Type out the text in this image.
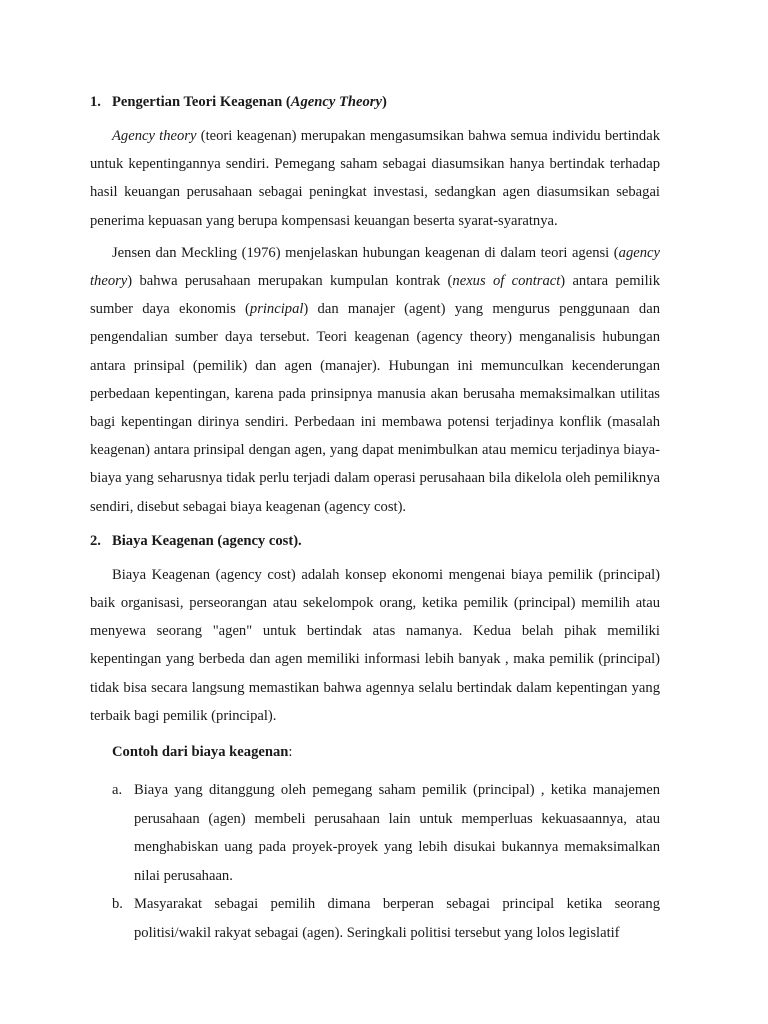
1. Pengertian Teori Keagenan (Agency Theory)

Agency theory (teori keagenan) merupakan mengasumsikan bahwa semua individu bertindak untuk kepentingannya sendiri. Pemegang saham sebagai diasumsikan hanya bertindak terhadap hasil keuangan perusahaan sebagai peningkat investasi, sedangkan agen diasumsikan sebagai penerima kepuasan yang berupa kompensasi keuangan beserta syarat-syaratnya.

Jensen dan Meckling (1976) menjelaskan hubungan keagenan di dalam teori agensi (agency theory) bahwa perusahaan merupakan kumpulan kontrak (nexus of contract) antara pemilik sumber daya ekonomis (principal) dan manajer (agent) yang mengurus penggunaan dan pengendalian sumber daya tersebut. Teori keagenan (agency theory) menganalisis hubungan antara prinsipal (pemilik) dan agen (manajer). Hubungan ini memunculkan kecenderungan perbedaan kepentingan, karena pada prinsipnya manusia akan berusaha memaksimalkan utilitas bagi kepentingan dirinya sendiri. Perbedaan ini membawa potensi terjadinya konflik (masalah keagenan) antara prinsipal dengan agen, yang dapat menimbulkan atau memicu terjadinya biaya-biaya yang seharusnya tidak perlu terjadi dalam operasi perusahaan bila dikelola oleh pemiliknya sendiri, disebut sebagai biaya keagenan (agency cost).

2. Biaya Keagenan (agency cost).

Biaya Keagenan (agency cost) adalah konsep ekonomi mengenai biaya pemilik (principal) baik organisasi, perseorangan atau sekelompok orang, ketika pemilik (principal) memilih atau menyewa seorang "agen" untuk bertindak atas namanya. Kedua belah pihak memiliki kepentingan yang berbeda dan agen memiliki informasi lebih banyak , maka pemilik (principal) tidak bisa secara langsung memastikan bahwa agennya selalu bertindak dalam kepentingan yang terbaik bagi pemilik (principal).

Contoh dari biaya keagenan:

a. Biaya yang ditanggung oleh pemegang saham pemilik (principal) , ketika manajemen perusahaan (agen) membeli perusahaan lain untuk memperluas kekuasaannya, atau menghabiskan uang pada proyek-proyek yang lebih disukai bukannya memaksimalkan nilai perusahaan.
b. Masyarakat sebagai pemilih dimana berperan sebagai principal ketika seorang politisi/wakil rakyat sebagai (agen). Seringkali politisi tersebut yang lolos legislatif
